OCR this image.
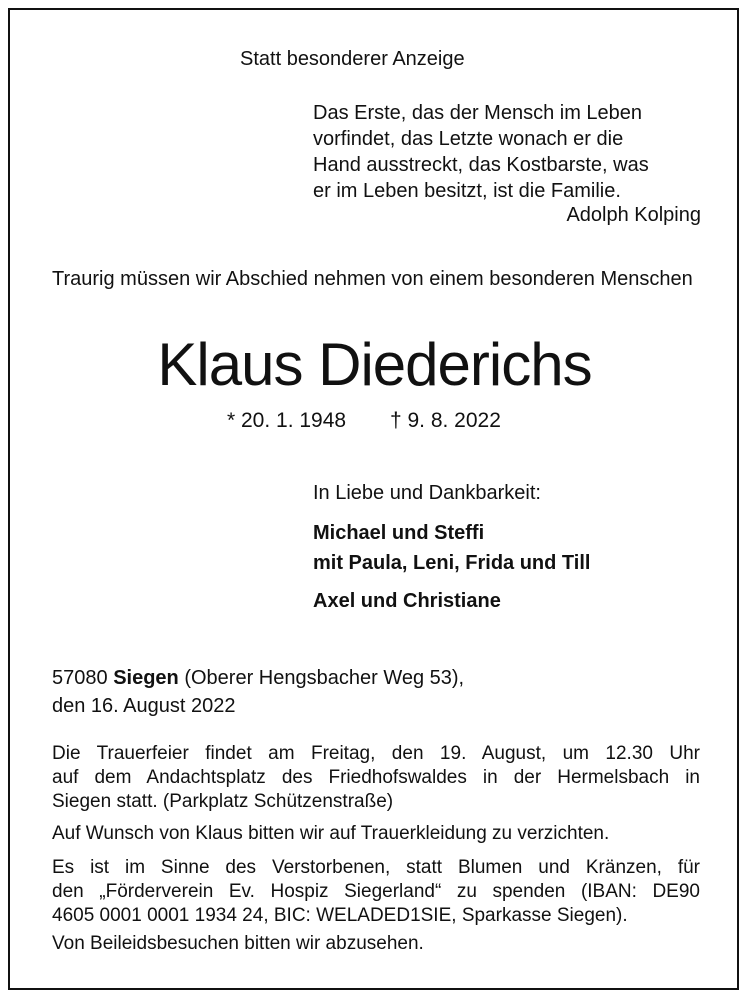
Statt besonderer Anzeige
Das Erste, das der Mensch im Leben
vorfindet, das Letzte wonach er die
Hand ausstreckt, das Kostbarste, was
er im Leben besitzt, ist die Familie.
Adolph Kolping
Traurig müssen wir Abschied nehmen von einem besonderen Menschen
Klaus Diederichs
* 20. 1. 1948 † 9. 8. 2022
In Liebe und Dankbarkeit:
Michael und Steffi
mit Paula, Leni, Frida und Till
Axel und Christiane
57080 Siegen (Oberer Hengsbacher Weg 53),
den 16. August 2022
Die Trauerfeier findet am Freitag, den 19. August, um 12.30 Uhr
auf dem Andachtsplatz des Friedhofswaldes in der Hermelsbach in
Siegen statt. (Parkplatz Schützenstraße)
Auf Wunsch von Klaus bitten wir auf Trauerkleidung zu verzichten.
Es ist im Sinne des Verstorbenen, statt Blumen und Kränzen, für
den „Förderverein Ev. Hospiz Siegerland“ zu spenden (IBAN: DE90
4605 0001 0001 1934 24, BIC: WELADED1SIE, Sparkasse Siegen).
Von Beileidsbesuchen bitten wir abzusehen.
